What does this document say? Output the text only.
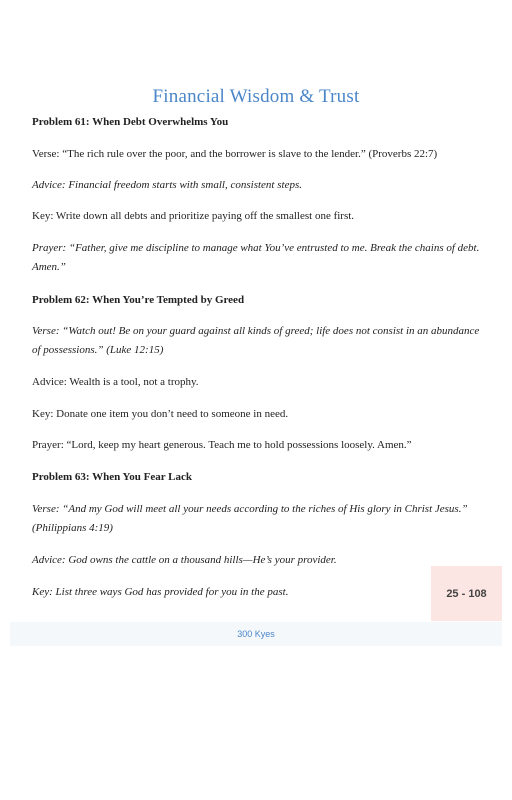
Financial Wisdom & Trust
Problem 61: When Debt Overwhelms You
Verse: “The rich rule over the poor, and the borrower is slave to the lender.” (Proverbs 22:7)
Advice: Financial freedom starts with small, consistent steps.
Key: Write down all debts and prioritize paying off the smallest one first.
Prayer: “Father, give me discipline to manage what You’ve entrusted to me. Break the chains of debt. Amen.”
Problem 62: When You’re Tempted by Greed
Verse: “Watch out! Be on your guard against all kinds of greed; life does not consist in an abundance of possessions.” (Luke 12:15)
Advice: Wealth is a tool, not a trophy.
Key: Donate one item you don’t need to someone in need.
Prayer: “Lord, keep my heart generous. Teach me to hold possessions loosely. Amen.”
Problem 63: When You Fear Lack
Verse: “And my God will meet all your needs according to the riches of His glory in Christ Jesus.” (Philippians 4:19)
Advice: God owns the cattle on a thousand hills—He’s your provider.
Key: List three ways God has provided for you in the past.	25 - 108
300 Kyes
